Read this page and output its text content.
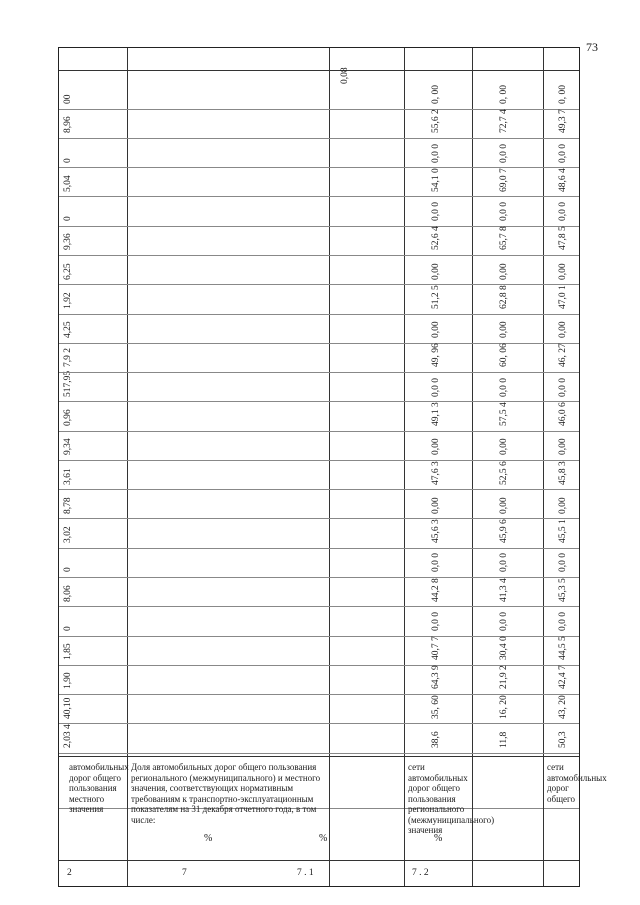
73
0,08
2,03 4
40,10
1,90
1,85
0
8,06
0
3,02
8,78
3,61
9,34
0,96
517,95
7,9 2
4,25
1,92
6,25
9,36
0
5,04
0
8,96
00
38,6
35, 60
64,3 9
40,7 7
0,0 0
44,2 8
0,0 0
45,6 3
0,00
47,6 3
0,00
49,1 3
0,0 0
49, 96
0,00
51,2 5
0,00
52,6 4
0,0 0
54,1 0
0,0 0
55,6 2
0, 00
11,8
16, 20
21,9 2
30,4 0
0,0 0
41,3 4
0,0 0
45,9 6
0,00
52,5 6
0,00
57,5 4
0,0 0
60, 06
0,00
62,8 8
0,00
65,7 8
0,0 0
69,0 7
0,0 0
72,7 4
0, 00
50,3
43, 20
42,4 7
44,5 5
0,0 0
45,3 5
0,0 0
45,5 1
0,00
45,8 3
0,00
46,0 6
0,0 0
46, 27
0,00
47,0 1
0,00
47,8 5
0,0 0
48,6 4
0,0 0
49,3 7
0, 00
2	7
%
7 . 1
%
7 . 2
%
автомобильных дорог общего пользования местного значения
Доля автомобильных дорог общего пользования регионального (межмуниципального) и местного значения, соответствующих нормативным требованиям к транспортно-эксплуатационным показателям на 31 декабря отчетного года, в том числе:
сети автомобильных дорог общего пользования регионального (межмуниципального) значения
сети автомобильных дорог общего
